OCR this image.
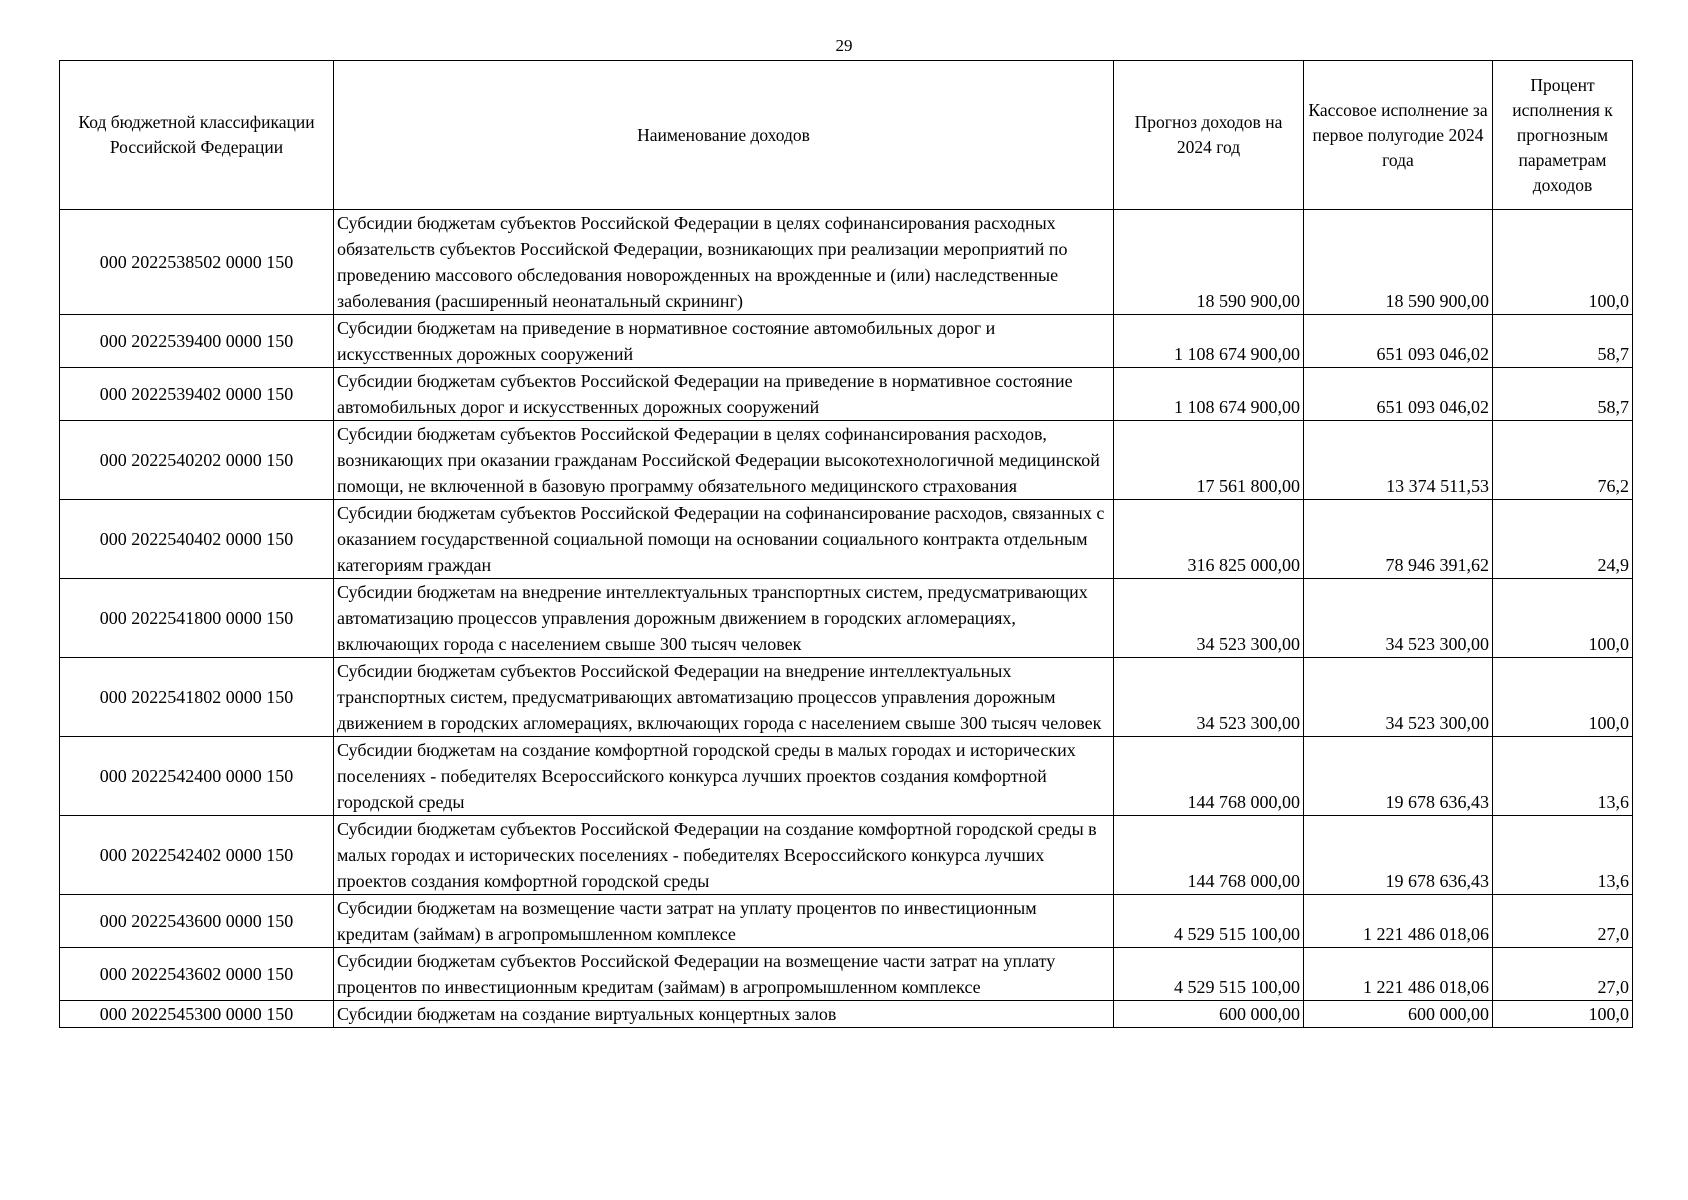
29
Код бюджетной классификации Российской Федерации	Наименование доходов	Прогноз доходов на 2024 год	Кассовое исполнение за первое полугодие 2024 года	Процент исполнения к прогнозным параметрам доходов
000 2022538502 0000 150	Субсидии бюджетам субъектов Российской Федерации в целях софинансирования расходных обязательств субъектов Российской Федерации, возникающих при реализации мероприятий по проведению массового обследования новорожденных на врожденные и (или) наследственные заболевания (расширенный неонатальный скрининг)	18 590 900,00	18 590 900,00	100,0
000 2022539400 0000 150	Субсидии бюджетам на приведение в нормативное состояние автомобильных дорог и искусственных дорожных сооружений	1 108 674 900,00	651 093 046,02	58,7
000 2022539402 0000 150	Субсидии бюджетам субъектов Российской Федерации на приведение в нормативное состояние автомобильных дорог и искусственных дорожных сооружений	1 108 674 900,00	651 093 046,02	58,7
000 2022540202 0000 150	Субсидии бюджетам субъектов Российской Федерации в целях софинансирования расходов, возникающих при оказании гражданам Российской Федерации высокотехнологичной медицинской помощи, не включенной в базовую программу обязательного медицинского страхования	17 561 800,00	13 374 511,53	76,2
000 2022540402 0000 150	Субсидии бюджетам субъектов Российской Федерации на софинансирование расходов, связанных с оказанием государственной социальной помощи на основании социального контракта отдельным категориям граждан	316 825 000,00	78 946 391,62	24,9
000 2022541800 0000 150	Субсидии бюджетам на внедрение интеллектуальных транспортных систем, предусматривающих автоматизацию процессов управления дорожным движением в городских агломерациях, включающих города с населением свыше 300 тысяч человек	34 523 300,00	34 523 300,00	100,0
000 2022541802 0000 150	Субсидии бюджетам субъектов Российской Федерации на внедрение интеллектуальных транспортных систем, предусматривающих автоматизацию процессов управления дорожным движением в городских агломерациях, включающих города с населением свыше 300 тысяч человек	34 523 300,00	34 523 300,00	100,0
000 2022542400 0000 150	Субсидии бюджетам на создание комфортной городской среды в малых городах и исторических поселениях - победителях Всероссийского конкурса лучших проектов создания комфортной городской среды	144 768 000,00	19 678 636,43	13,6
000 2022542402 0000 150	Субсидии бюджетам субъектов Российской Федерации на создание комфортной городской среды в малых городах и исторических поселениях - победителях Всероссийского конкурса лучших проектов создания комфортной городской среды	144 768 000,00	19 678 636,43	13,6
000 2022543600 0000 150	Субсидии бюджетам на возмещение части затрат на уплату процентов по инвестиционным кредитам (займам) в агропромышленном комплексе	4 529 515 100,00	1 221 486 018,06	27,0
000 2022543602 0000 150	Субсидии бюджетам субъектов Российской Федерации на возмещение части затрат на уплату процентов по инвестиционным кредитам (займам) в агропромышленном комплексе	4 529 515 100,00	1 221 486 018,06	27,0
000 2022545300 0000 150	Субсидии бюджетам на создание виртуальных концертных залов	600 000,00	600 000,00	100,0
